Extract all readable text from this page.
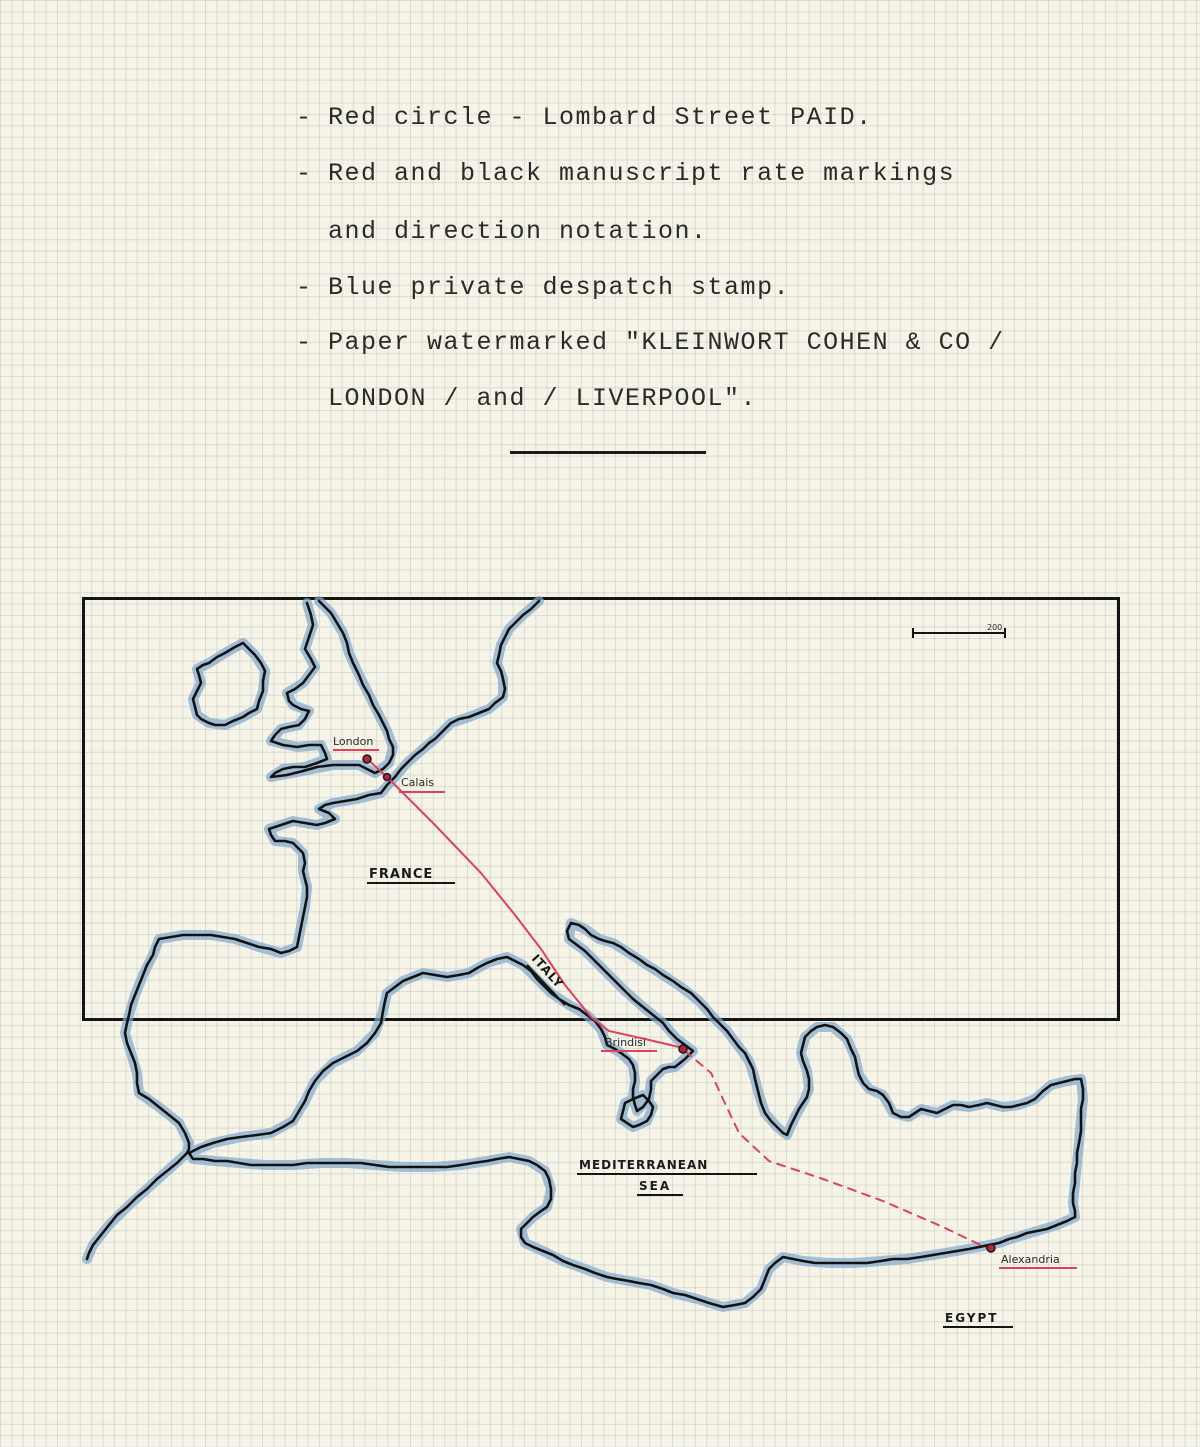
- Red circle - Lombard Street PAID.
- Red and black manuscript rate markings
and direction notation.
- Blue private despatch stamp.
- Paper watermarked "KLEINWORT COHEN & CO /
LONDON / and / LIVERPOOL".
London
Calais
Brindisi
Alexandria
FRANCE
ITALY
MEDITERRANEAN
SEA
EGYPT
200
